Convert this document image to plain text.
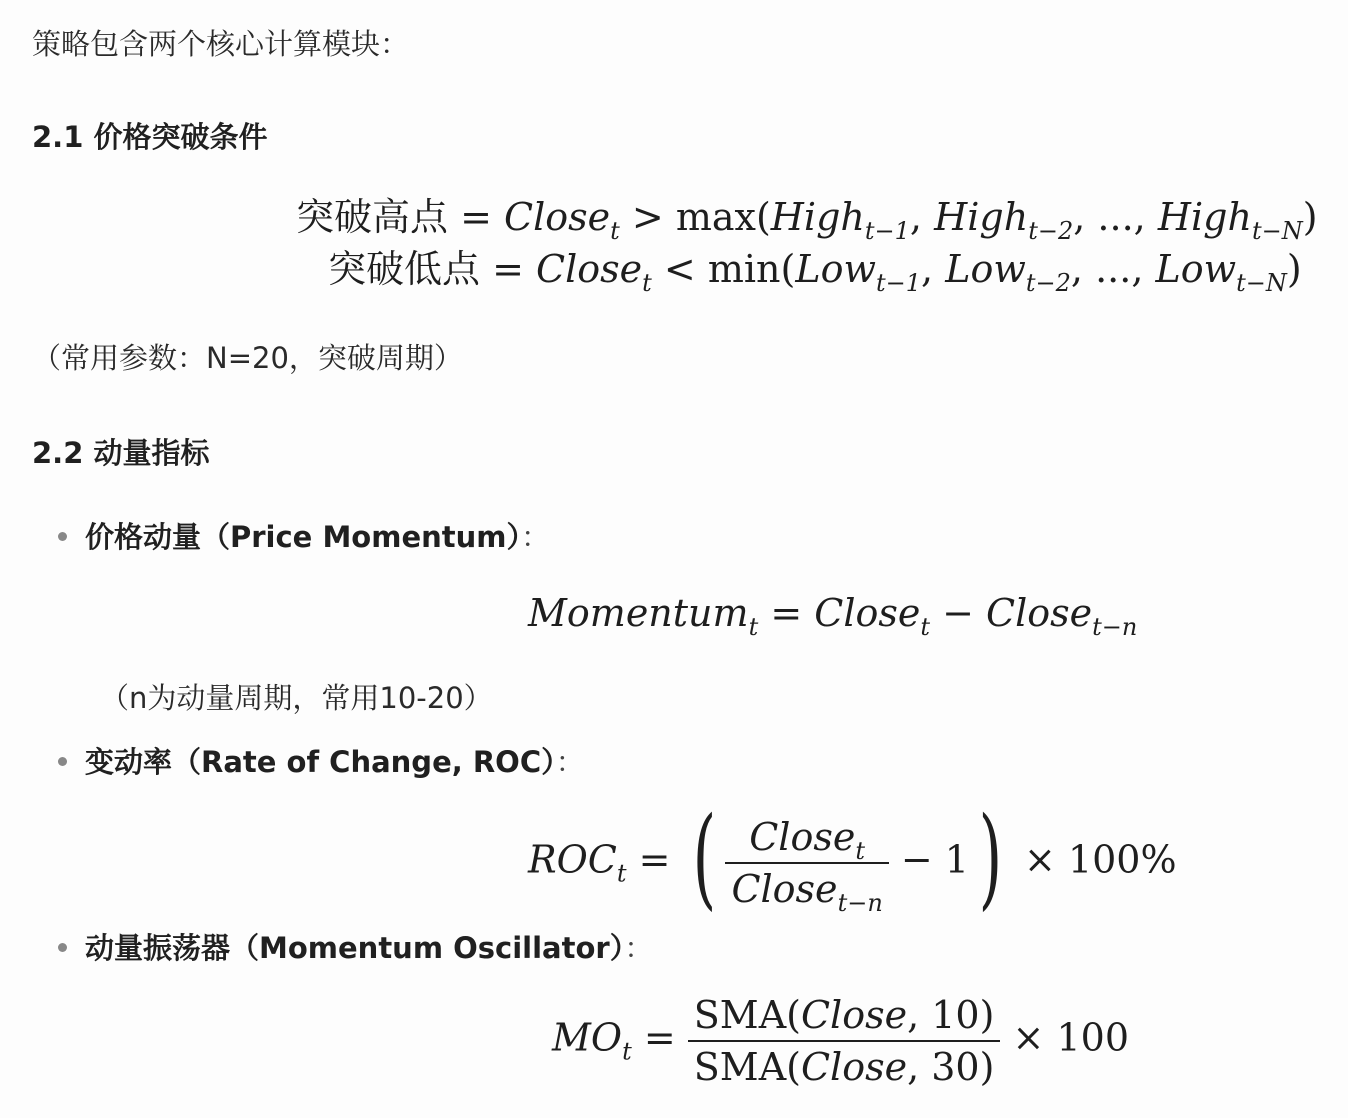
策略包含两个核心计算模块：
2.1 价格突破条件
突破高点 = Close$_t$ > max(High$_{t-1}$, High$_{t-2}$, ..., High$_{t-N}$)
突破低点 = Close$_t$ < min(Low$_{t-1}$, Low$_{t-2}$, ..., Low$_{t-N}$)
（常用参数：N=20，突破周期）
2.2 动量指标
价格动量（Price Momentum）：
Momentum$_t$ = Close$_t$ − Close$_{t-n}$
（n为动量周期，常用10-20）
变动率（Rate of Change, ROC）：
$ROC_t$ = ( $\frac{Close_t}{Close_{t-n}} - 1) \times 100\%$
动量振荡器（Momentum Oscillator）：
$MO_t = \frac{\text{SMA(Close, 10)}}{\text{SMA(Close, 30)}} \times 100$
